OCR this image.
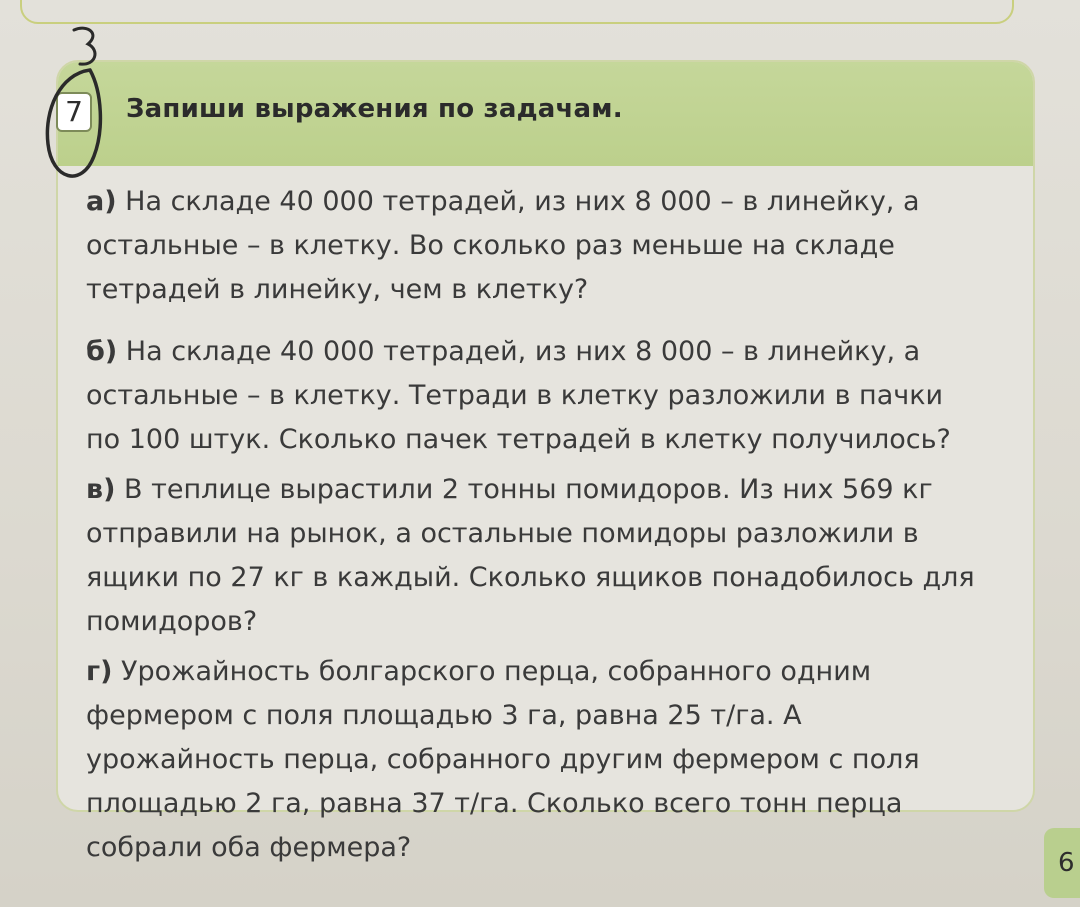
7
3
Запиши выражения по задачам.

а) На складе 40 000 тетрадей, из них 8 000 – в линейку, а остальные – в клетку. Во сколько раз меньше на складе тетрадей в линейку, чем в клетку?

б) На складе 40 000 тетрадей, из них 8 000 – в линейку, а остальные – в клетку. Тетради в клетку разложили в пачки по 100 штук. Сколько пачек тетрадей в клетку получилось?

в) В теплице вырастили 2 тонны помидоров. Из них 569 кг отправили на рынок, а остальные помидоры разложили в ящики по 27 кг в каждый. Сколько ящиков понадобилось для помидоров?

г) Урожайность болгарского перца, собранного одним фермером с поля площадью 3 га, равна 25 т/га. А урожайность перца, собранного другим фермером с поля площадью 2 га, равна 37 т/га. Сколько всего тонн перца собрали оба фермера?	6
